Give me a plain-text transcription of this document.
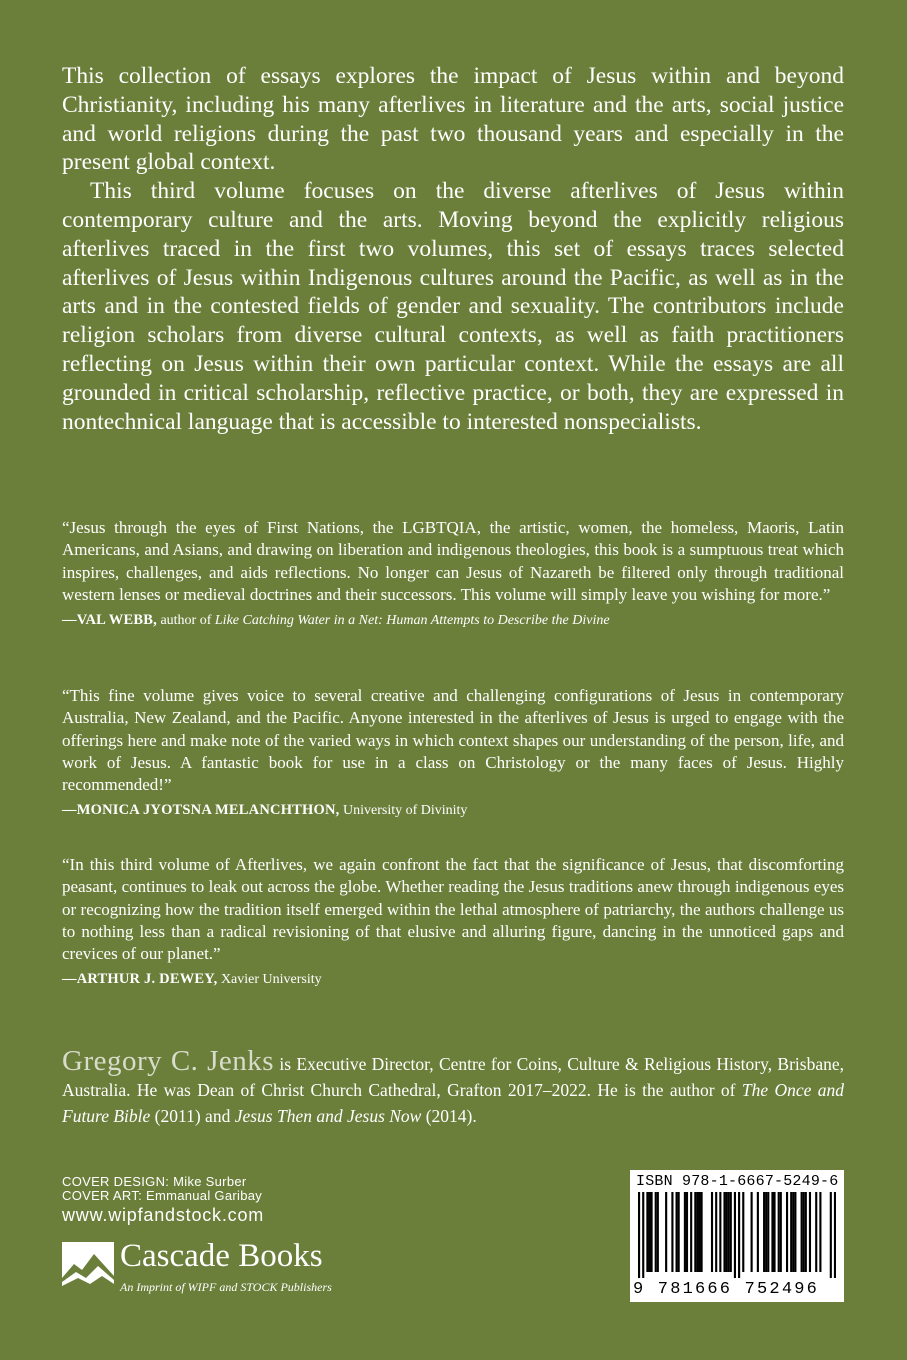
This collection of essays explores the impact of Jesus within and beyond Christianity, including his many afterlives in literature and the arts, social justice and world religions during the past two thousand years and especially in the present global context.

This third volume focuses on the diverse afterlives of Jesus within contemporary culture and the arts. Moving beyond the explicitly religious afterlives traced in the first two volumes, this set of essays traces selected afterlives of Jesus within Indigenous cultures around the Pacific, as well as in the arts and in the contested fields of gender and sexuality. The contributors include religion scholars from diverse cultural contexts, as well as faith practitioners reflecting on Jesus within their own particular context. While the essays are all grounded in critical scholarship, reflective practice, or both, they are expressed in nontechnical language that is accessible to interested nonspecialists.

“Jesus through the eyes of First Nations, the LGBTQIA, the artistic, women, the homeless, Maoris, Latin Americans, and Asians, and drawing on liberation and indigenous theologies, this book is a sumptuous treat which inspires, challenges, and aids reflections. No longer can Jesus of Nazareth be filtered only through traditional western lenses or medieval doctrines and their successors. This volume will simply leave you wishing for more.”

—VAL WEBB, author of Like Catching Water in a Net: Human Attempts to Describe the Divine

“This fine volume gives voice to several creative and challenging configurations of Jesus in contemporary Australia, New Zealand, and the Pacific. Anyone interested in the afterlives of Jesus is urged to engage with the offerings here and make note of the varied ways in which context shapes our understanding of the person, life, and work of Jesus. A fantastic book for use in a class on Christology or the many faces of Jesus. Highly recommended!”

—MONICA JYOTSNA MELANCHTHON, University of Divinity

“In this third volume of Afterlives, we again confront the fact that the significance of Jesus, that discomforting peasant, continues to leak out across the globe. Whether reading the Jesus traditions anew through indigenous eyes or recognizing how the tradition itself emerged within the lethal atmosphere of patriarchy, the authors challenge us to nothing less than a radical revisioning of that elusive and alluring figure, dancing in the unnoticed gaps and crevices of our planet.”

—ARTHUR J. DEWEY, Xavier University
Gregory C. Jenks is Executive Director, Centre for Coins, Culture & Religious History, Brisbane, Australia. He was Dean of Christ Church Cathedral, Grafton 2017–2022. He is the author of The Once and Future Bible (2011) and Jesus Then and Jesus Now (2014).
COVER DESIGN: Mike Surber
COVER ART: Emmanual Garibay
www.wipfandstock.com
Cascade Books
An Imprint of WIPF and STOCK Publishers
ISBN 978-1-6667-5249-6
9 781666 752496
